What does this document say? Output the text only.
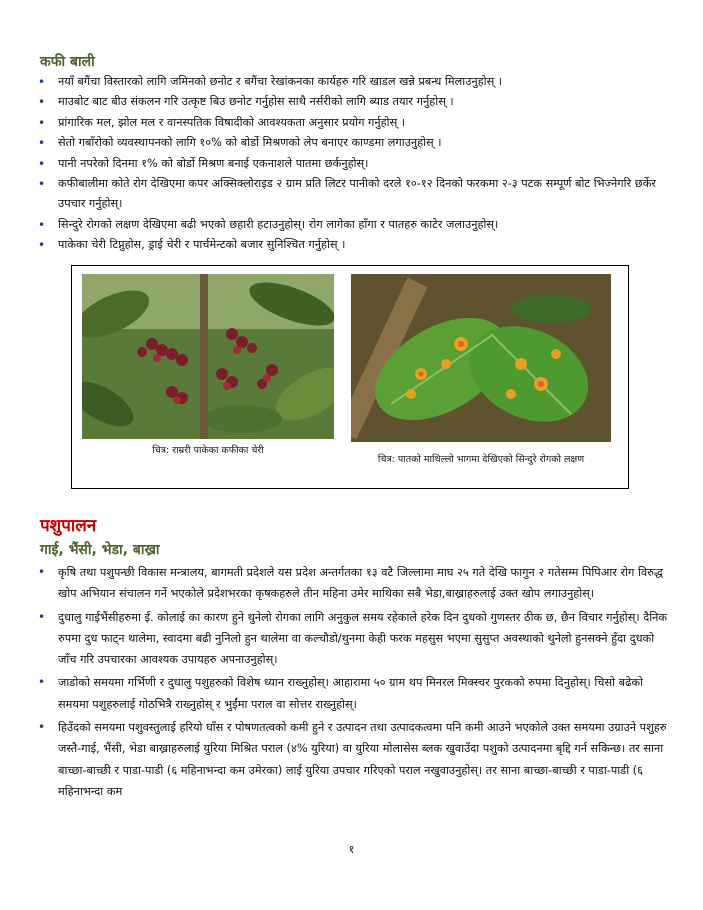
कफी बाली
• नयाँ बगैंचा विस्तारको लागि जमिनको छनोट र बगैंचा रेखांकनका कार्यहरु गरि खाडल खन्ने प्रबन्ध मिलाउनुहोस् ।
• माउबोट बाट बीउ संकलन गरि उत्कृष्ट बिउ छनोट गर्नुहोस साथै नर्सरीको लागि ब्याड तयार गर्नुहोस् ।
• प्रांगारिक मल, झोल मल र वानस्पतिक विषादीको आवश्यकता अनुसार प्रयोग गर्नुहोस् ।
• सेतो गबाँरोको व्यवस्थापनको लागि १०% को बोर्डो मिश्रणको लेप बनाएर काण्डमा लगाउनुहोस् ।
• पानी नपरेको दिनमा १% को बोर्डो मिश्रण बनाई एकनाशले पातमा छर्कनुहोस्।
• कफीबालीमा कोते रोग देखिएमा कपर अक्सिक्लोराइड २ ग्राम प्रति लिटर पानीको दरले १०-१२ दिनको फरकमा २-३ पटक सम्पूर्ण बोट भिज्नेगरि छर्केर उपचार गर्नुहोस्।
• सिन्दुरे रोगको लक्षण देखिएमा बढी भएको छहारी हटाउनुहोस्। रोग लागेका हाँगा र पातहरु काटेर जलाउनुहोस्।
• पाकेका चेरी टिप्नुहोस, ड्राई चेरी र पार्चमेन्टको बजार सुनिश्चित गर्नुहोस् ।
चित्र: राम्ररी पाकेका कफीका चेरी
चित्र: पातको माथिल्लो भागमा देखिएको सिन्दुरे रोगको लक्षण
पशुपालन
गाई, भैंसी, भेडा, बाख्रा
• कृषि तथा पशुपन्छी विकास मन्त्रालय, बागमती प्रदेशले यस प्रदेश अन्तर्गतका १३ वटै जिल्लामा माघ २५ गते देखि फागुन २ गतेसम्म पिपिआर रोग विरुद्ध खोप अभियान संचालन गर्ने भएकोले प्रदेशभरका कृषकहरुले तीन महिना उमेर माथिका सबै भेडा,बाख्राहरुलाई उक्त खोप लगाउनुहोस्।
• दुधालु गाईभैंसीहरुमा ई. कोलाई का कारण हुने थुनेलो रोगका लागि अनुकुल समय रहेकाले हरेक दिन दुधको गुणस्तर ठीक छ, छैन विचार गर्नुहोस्। दैनिक रुपमा दुध फाट्न थालेमा, स्वादमा बढी नुनिलो हुन थालेमा वा कल्चौडो/थुनमा केही फरक महसुस भएमा सुसुप्त अवस्थाको थुनेलो हुनसक्ने हुँदा दुधको जाँच गरि उपचारका आवश्यक उपायहरु अपनाउनुहोस्।
• जाडोको समयमा गर्भिणी र दुधालु पशुहरुको विशेष ध्यान राख्नुहोस्। आहारामा ५० ग्राम थप मिनरल मिक्स्चर पुरकको रुपमा दिनुहोस्। चिसो बढेको समयमा पशुहरुलाई गोठभित्रै राख्नुहोस् र भुईंमा पराल वा सोत्तर राख्नुहोस्।
• हिउँदको समयमा पशुवस्तुलाई हरियो घाँस र पोषणतत्वको कमी हुने र उत्पादन तथा उत्पादकत्वमा पनि कमी आउने भएकोले उक्त समयमा उग्राउने पशुहरु जस्तै-गाई, भैंसी, भेडा बाख्राहरुलाई युरिया मिश्रित पराल (४% युरिया) वा युरिया मोलासेस ब्लक खुवाउँदा पशुको उत्पादनमा बृद्दि गर्न सकिन्छ। तर साना बाच्छा-बाच्छी र पाडा-पाडी (६ महिनाभन्दा कम उमेरका) लाई युरिया उपचार गरिएको पराल नखुवाउनुहोस्। तर साना बाच्छा-बाच्छी र पाडा-पाडी (६ महिनाभन्दा कम
१
